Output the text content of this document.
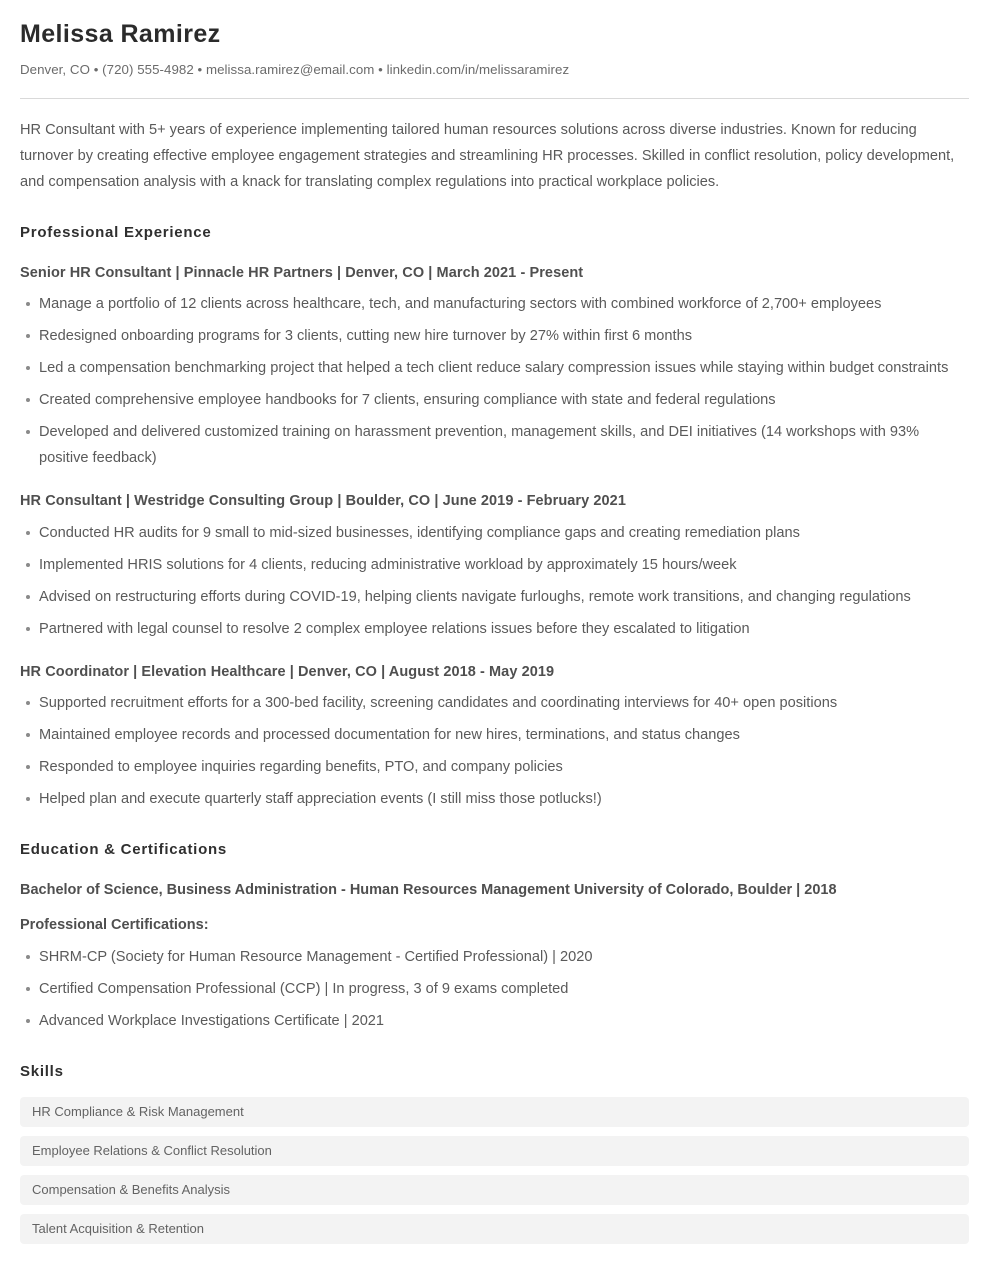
Melissa Ramirez

Denver, CO • (720) 555-4982 • melissa.ramirez@email.com • linkedin.com/in/melissaramirez

HR Consultant with 5+ years of experience implementing tailored human resources solutions across diverse industries. Known for reducing turnover by creating effective employee engagement strategies and streamlining HR processes. Skilled in conflict resolution, policy development, and compensation analysis with a knack for translating complex regulations into practical workplace policies.

Professional Experience
Senior HR Consultant | Pinnacle HR Partners | Denver, CO | March 2021 - Present
Manage a portfolio of 12 clients across healthcare, tech, and manufacturing sectors with combined workforce of 2,700+ employees
Redesigned onboarding programs for 3 clients, cutting new hire turnover by 27% within first 6 months
Led a compensation benchmarking project that helped a tech client reduce salary compression issues while staying within budget constraints
Created comprehensive employee handbooks for 7 clients, ensuring compliance with state and federal regulations
Developed and delivered customized training on harassment prevention, management skills, and DEI initiatives (14 workshops with 93% positive feedback)
HR Consultant | Westridge Consulting Group | Boulder, CO | June 2019 - February 2021
Conducted HR audits for 9 small to mid-sized businesses, identifying compliance gaps and creating remediation plans
Implemented HRIS solutions for 4 clients, reducing administrative workload by approximately 15 hours/week
Advised on restructuring efforts during COVID-19, helping clients navigate furloughs, remote work transitions, and changing regulations
Partnered with legal counsel to resolve 2 complex employee relations issues before they escalated to litigation
HR Coordinator | Elevation Healthcare | Denver, CO | August 2018 - May 2019
Supported recruitment efforts for a 300-bed facility, screening candidates and coordinating interviews for 40+ open positions
Maintained employee records and processed documentation for new hires, terminations, and status changes
Responded to employee inquiries regarding benefits, PTO, and company policies
Helped plan and execute quarterly staff appreciation events (I still miss those potlucks!)
Education & Certifications
Bachelor of Science, Business Administration - Human Resources Management University of Colorado, Boulder | 2018
Professional Certifications:
SHRM-CP (Society for Human Resource Management - Certified Professional) | 2020
Certified Compensation Professional (CCP) | In progress, 3 of 9 exams completed
Advanced Workplace Investigations Certificate | 2021
Skills
HR Compliance & Risk Management
Employee Relations & Conflict Resolution
Compensation & Benefits Analysis
Talent Acquisition & Retention
